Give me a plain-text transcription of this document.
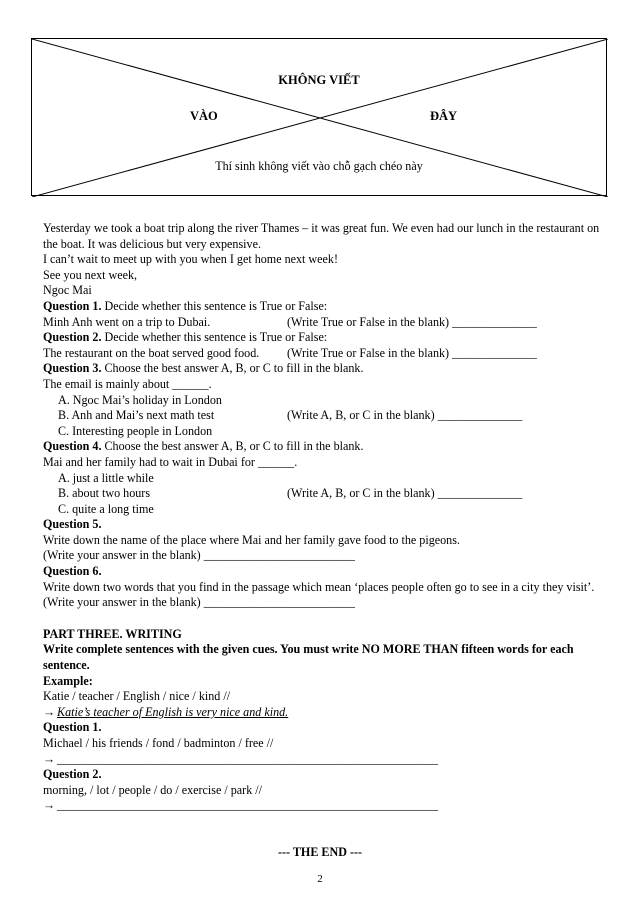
KHÔNG VIẾT
VÀO	ĐÂY
Thí sinh không viết vào chỗ gạch chéo này
Yesterday we took a boat trip along the river Thames – it was great fun. We even had our lunch in the restaurant on the boat. It was delicious but very expensive.
I can’t wait to meet up with you when I get home next week!
See you next week,
Ngoc Mai
Question 1. Decide whether this sentence is True or False:
Minh Anh went on a trip to Dubai.	(Write True or False in the blank) ______________
Question 2. Decide whether this sentence is True or False:
The restaurant on the boat served good food. (Write True or False in the blank) ______________
Question 3. Choose the best answer A, B, or C to fill in the blank.
The email is mainly about ______.
A. Ngoc Mai’s holiday in London
B. Anh and Mai’s next math test	(Write A, B, or C in the blank) ______________
C. Interesting people in London
Question 4. Choose the best answer A, B, or C to fill in the blank.
Mai and her family had to wait in Dubai for ______.
A. just a little while
B. about two hours	(Write A, B, or C in the blank) ______________
C. quite a long time
Question 5.
Write down the name of the place where Mai and her family gave food to the pigeons.
(Write your answer in the blank) _________________________
Question 6.
Write down two words that you find in the passage which mean ‘places people often go to see in a city they visit’.
(Write your answer in the blank) _________________________
PART THREE. WRITING
Write complete sentences with the given cues. You must write NO MORE THAN fifteen words for each sentence.
Example:
Katie / teacher / English / nice / kind //
→ Katie’s teacher of English is very nice and kind.
Question 1.
Michael / his friends / fond / badminton / free //
→ _______________________________________________________________
Question 2.
morning, / lot / people / do / exercise / park //
→ _______________________________________________________________
--- THE END ---
2
